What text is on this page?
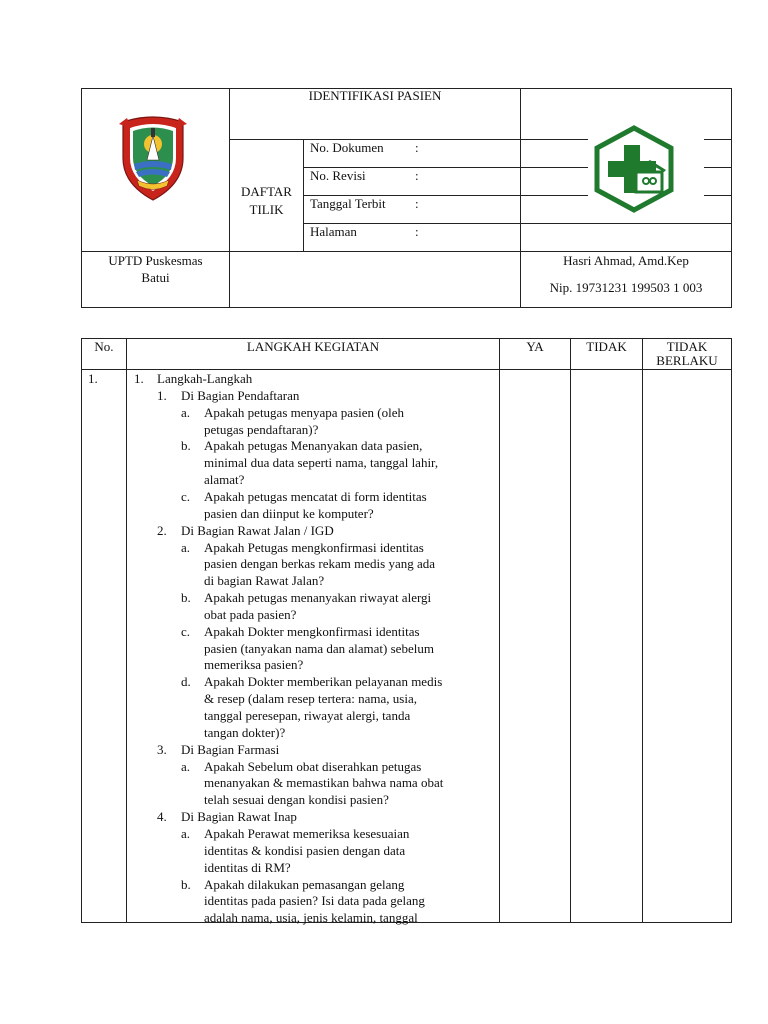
IDENTIFIKASI PASIEN
DAFTAR
TILIK
No. Dokumen :
No. Revisi	:
Tanggal Terbit :
Halaman	:
UPTD Puskesmas
Batui
Hasri Ahmad, Amd.Kep
Nip. 19731231 199503 1 003
No.	LANGKAH KEGIATAN	YA	TIDAK	TIDAK
BERLAKU
1.	1. Langkah-Langkah
1. Di Bagian Pendaftaran
a. Apakah petugas menyapa pasien (oleh
petugas pendaftaran)?
b. Apakah petugas Menanyakan data pasien,
minimal dua data seperti nama, tanggal lahir,
alamat?
c. Apakah petugas mencatat di form identitas
pasien dan diinput ke komputer?
2. Di Bagian Rawat Jalan / IGD
a. Apakah Petugas mengkonfirmasi identitas
pasien dengan berkas rekam medis yang ada
di bagian Rawat Jalan?
b. Apakah petugas menanyakan riwayat alergi
obat pada pasien?
c. Apakah Dokter mengkonfirmasi identitas
pasien (tanyakan nama dan alamat) sebelum
memeriksa pasien?
d. Apakah Dokter memberikan pelayanan medis
& resep (dalam resep tertera: nama, usia,
tanggal peresepan, riwayat alergi, tanda
tangan dokter)?
3. Di Bagian Farmasi
a. Apakah Sebelum obat diserahkan petugas
menanyakan & memastikan bahwa nama obat
telah sesuai dengan kondisi pasien?
4. Di Bagian Rawat Inap
a. Apakah Perawat memeriksa kesesuaian
identitas & kondisi pasien dengan data
identitas di RM?
b. Apakah dilakukan pemasangan gelang
identitas pada pasien? Isi data pada gelang
adalah nama, usia, jenis kelamin, tanggal
